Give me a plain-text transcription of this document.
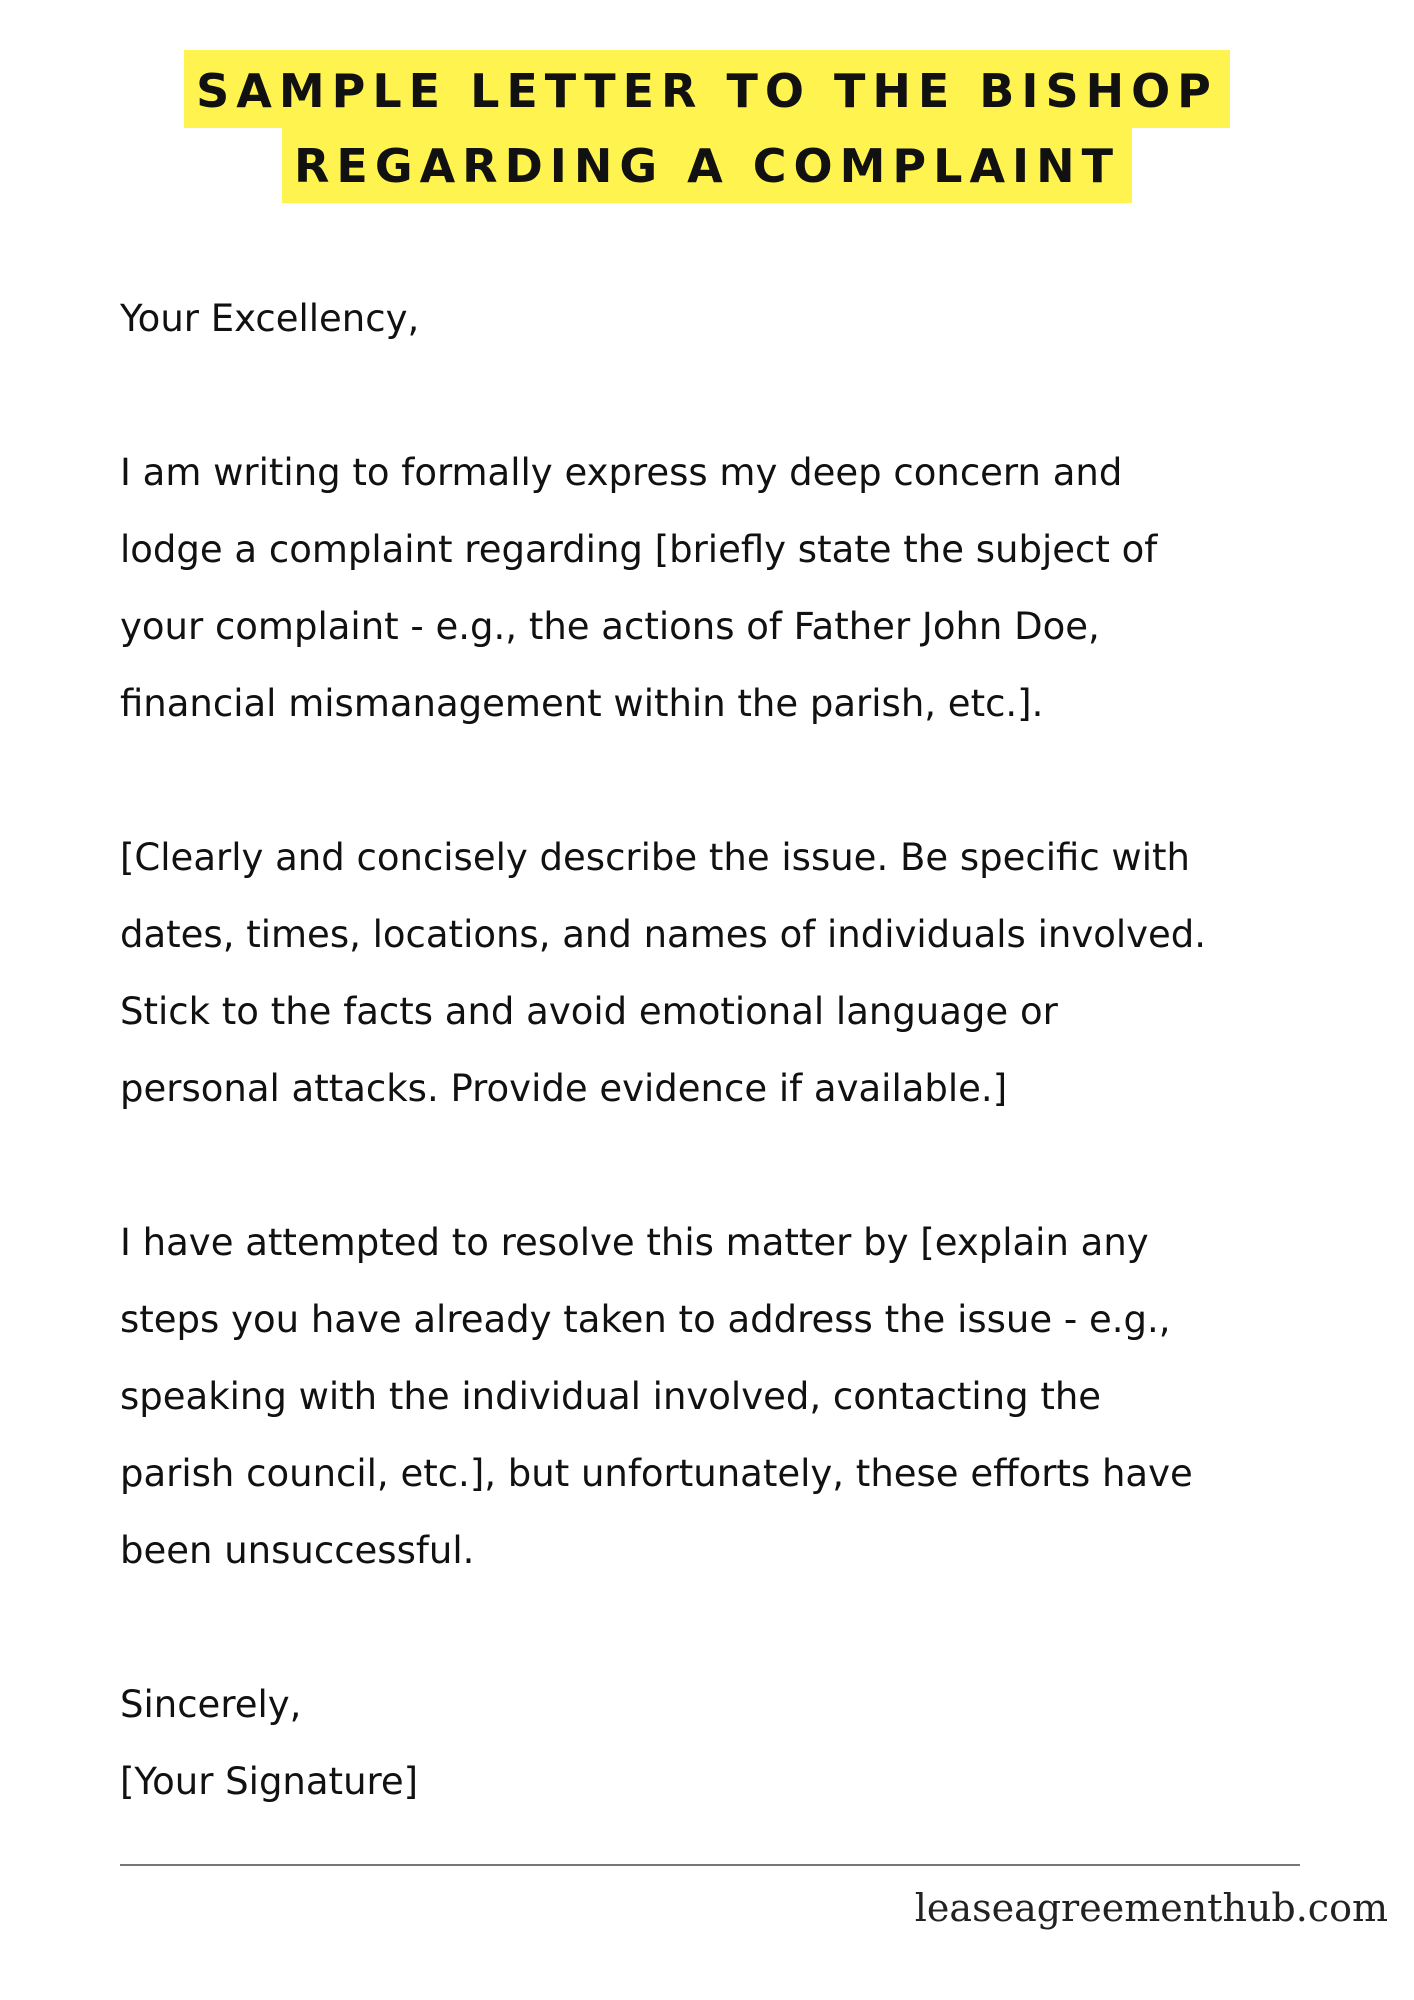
SAMPLE LETTER TO THE BISHOP
REGARDING A COMPLAINT

Your Excellency,

I am writing to formally express my deep concern and
lodge a complaint regarding [briefly state the subject of
your complaint - e.g., the actions of Father John Doe,
financial mismanagement within the parish, etc.].
[Clearly and concisely describe the issue. Be specific with
dates, times, locations, and names of individuals involved.
Stick to the facts and avoid emotional language or
personal attacks. Provide evidence if available.]
I have attempted to resolve this matter by [explain any
steps you have already taken to address the issue - e.g.,
speaking with the individual involved, contacting the
parish council, etc.], but unfortunately, these efforts have
been unsuccessful.
Sincerely,
[Your Signature]
leaseagreementhub.com
